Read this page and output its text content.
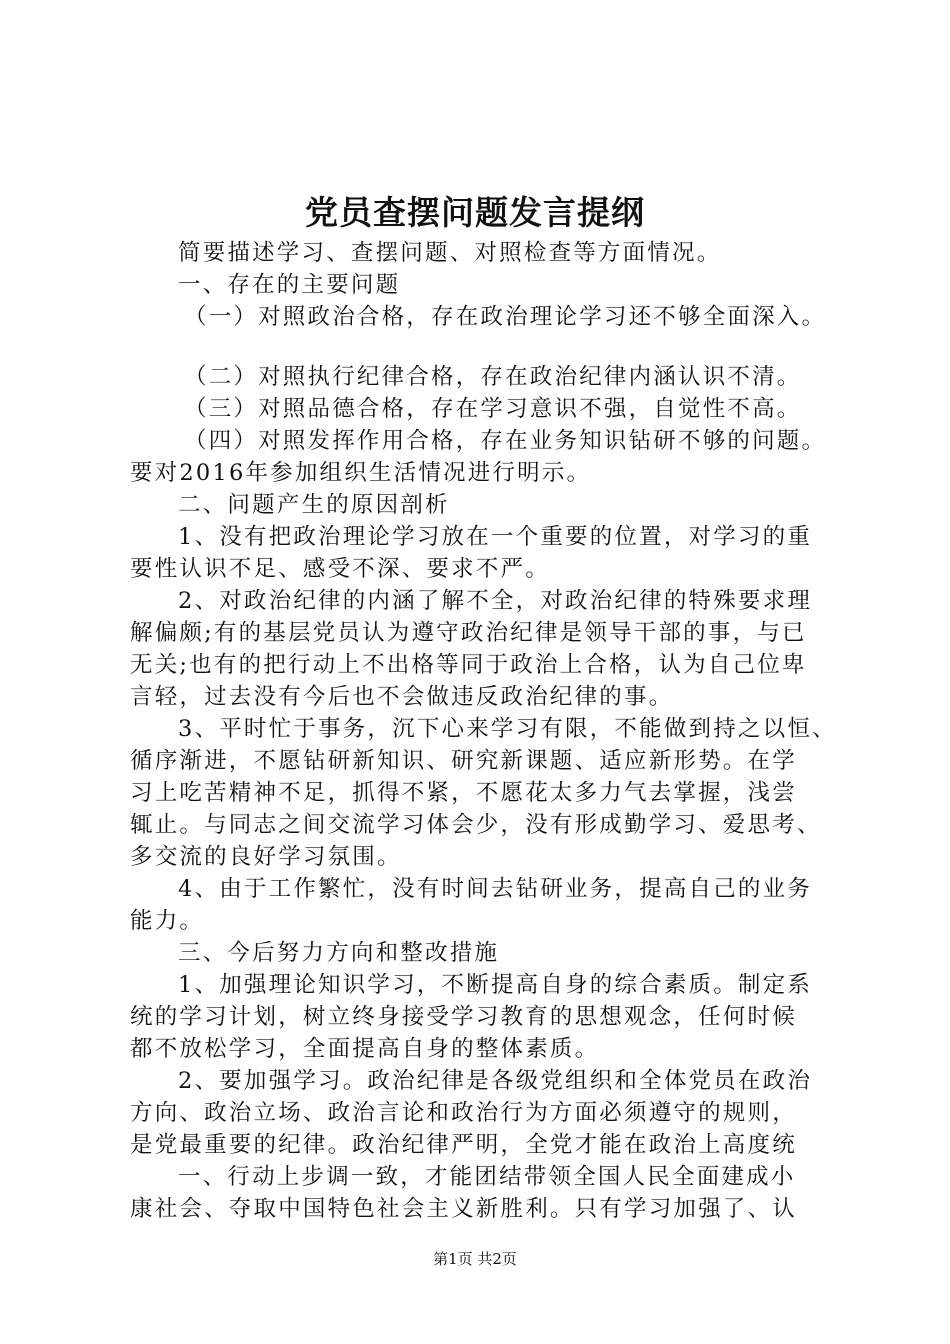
党员查摆问题发言提纲
简要描述学习、查摆问题、对照检查等方面情况。
一、存在的主要问题
（一）对照政治合格，存在政治理论学习还不够全面深入。
（二）对照执行纪律合格，存在政治纪律内涵认识不清。
（三）对照品德合格，存在学习意识不强，自觉性不高。
（四）对照发挥作用合格，存在业务知识钻研不够的问题。
要对2016年参加组织生活情况进行明示。
二、问题产生的原因剖析
1、没有把政治理论学习放在一个重要的位置，对学习的重
要性认识不足、感受不深、要求不严。
2、对政治纪律的内涵了解不全，对政治纪律的特殊要求理
解偏颇;有的基层党员认为遵守政治纪律是领导干部的事，与已
无关;也有的把行动上不出格等同于政治上合格，认为自己位卑
言轻，过去没有今后也不会做违反政治纪律的事。
3、平时忙于事务，沉下心来学习有限，不能做到持之以恒、
循序渐进，不愿钻研新知识、研究新课题、适应新形势。在学
习上吃苦精神不足，抓得不紧，不愿花太多力气去掌握，浅尝
辄止。与同志之间交流学习体会少，没有形成勤学习、爱思考、
多交流的良好学习氛围。
4、由于工作繁忙，没有时间去钻研业务，提高自己的业务
能力。
三、今后努力方向和整改措施
1、加强理论知识学习，不断提高自身的综合素质。制定系
统的学习计划，树立终身接受学习教育的思想观念，任何时候
都不放松学习，全面提高自身的整体素质。
2、要加强学习。政治纪律是各级党组织和全体党员在政治
方向、政治立场、政治言论和政治行为方面必须遵守的规则，
是党最重要的纪律。政治纪律严明，全党才能在政治上高度统
一、行动上步调一致，才能团结带领全国人民全面建成小
康社会、夺取中国特色社会主义新胜利。只有学习加强了、认
第1页 共2页
